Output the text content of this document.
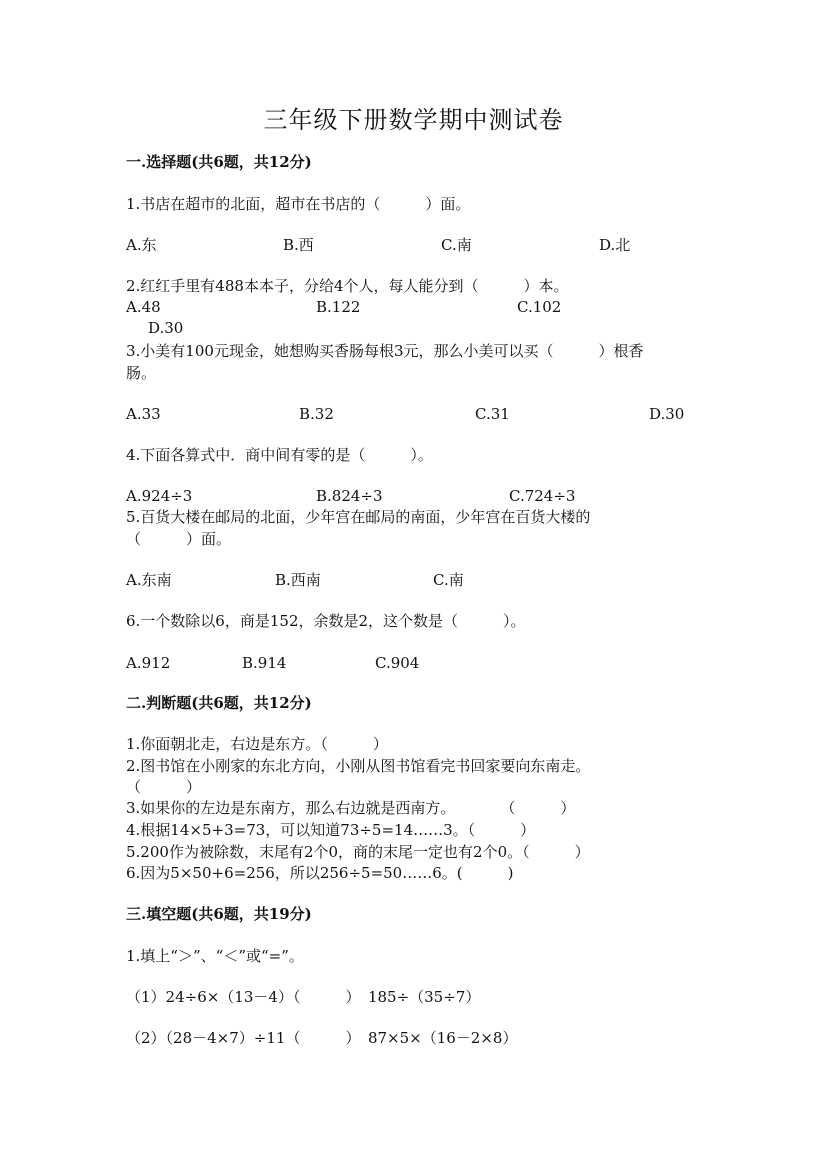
三年级下册数学期中测试卷
一.选择题(共6题，共12分)
1.书店在超市的北面，超市在书店的（　　　）面。
A.东	B.西	C.南	D.北
2.红红手里有488本本子，分给4个人，每人能分到（　　　）本。
A.48	B.122	C.102
D.30
3.小美有100元现金，她想购买香肠每根3元，那么小美可以买（　　　）根香
肠。
A.33	B.32	C.31	D.30
4.下面各算式中．商中间有零的是（　　　）。
A.924÷3	B.824÷3	C.724÷3
5.百货大楼在邮局的北面，少年宫在邮局的南面，少年宫在百货大楼的
（　　　）面。
A.东南	B.西南	C.南
6.一个数除以6，商是152，余数是2，这个数是（　　　）。
A.912	B.914	C.904
二.判断题(共6题，共12分)
1.你面朝北走，右边是东方。（　　　）
2.图书馆在小刚家的东北方向，小刚从图书馆看完书回家要向东南走。
（　　　）
3.如果你的左边是东南方，那么右边就是西南方。　　　　（　　　）
4.根据14×5+3=73，可以知道73÷5=14……3。（　　　）
5.200作为被除数，末尾有2个0，商的末尾一定也有2个0。（　　　）
6.因为5×50+6=256，所以256÷5=50……6。(　　　)
三.填空题(共6题，共19分)
1.填上“＞”、“＜”或“=”。
（1）24÷6×（13－4）（　　　）　185÷（35÷7）
（2）（28－4×7）÷11（　　　）　87×5×（16－2×8）
